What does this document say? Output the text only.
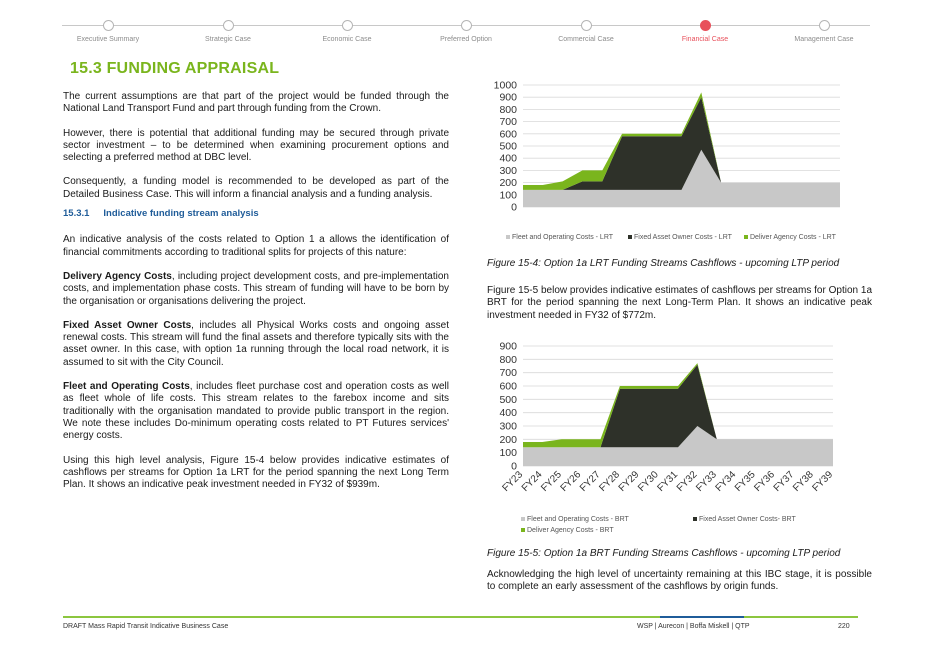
Executive Summary	Strategic Case	Economic Case	Preferred Option	Commercial Case	Financial Case	Management Case
15.3 FUNDING APPRAISAL

The current assumptions are that part of the project would be funded through the National Land Transport Fund and part through funding from the Crown.

However, there is potential that additional funding may be secured through private sector investment – to be determined when examining procurement options and selecting a preferred method at DBC level.

Consequently, a funding model is recommended to be developed as part of the Detailed Business Case. This will inform a financial analysis and a funding analysis.

15.3.1 Indicative funding stream analysis

An indicative analysis of the costs related to Option 1 a allows the identification of financial commitments according to traditional splits for projects of this nature:

Delivery Agency Costs, including project development costs, and pre-implementation costs, and implementation phase costs. This stream of funding will have to be born by the organisation or organisations delivering the project.

Fixed Asset Owner Costs, includes all Physical Works costs and ongoing asset renewal costs. This stream will fund the final assets and therefore typically sits with the asset owner. In this case, with option 1a running through the local road network, it is assumed to sit with the City Council.

Fleet and Operating Costs, includes fleet purchase cost and operation costs as well as fleet whole of life costs. This stream relates to the farebox income and sits traditionally with the organisation mandated to provide public transport in the region. We note these includes Do-minimum operating costs related to PT Futures services' energy costs.

Using this high level analysis, Figure 15-4 below provides indicative estimates of cashflows per streams for Option 1a LRT for the period spanning the next Long Term Plan. It shows an indicative peak investment needed in FY32 of $939m.

0
100
200
300
400
500
600
700
800
900
1000
Fleet and Operating Costs - LRT	Fixed Asset Owner Costs - LRT	Deliver Agency Costs - LRT
Figure 15-4: Option 1a LRT Funding Streams Cashflows - upcoming LTP period
Figure 15-5 below provides indicative estimates of cashflows per streams for Option 1a BRT for the period spanning the next Long-Term Plan. It shows an indicative peak investment needed in FY32 of $772m.
0
100
200
300
400
500
600
700
800
900
FY23
FY24
FY25
FY26
FY27
FY28
FY29
FY30
FY31
FY32
FY33
FY34
FY35
FY36
FY37
FY38
FY39
Fleet and Operating Costs - BRT	Fixed Asset Owner Costs- BRT
Deliver Agency Costs - BRT
Figure 15-5: Option 1a BRT Funding Streams Cashflows - upcoming LTP period
Acknowledging the high level of uncertainty remaining at this IBC stage, it is possible to complete an early assessment of the cashflows by origin funds.
DRAFT Mass Rapid Transit Indicative Business Case	WSP | Aurecon | Boffa Miskell | QTP	220
